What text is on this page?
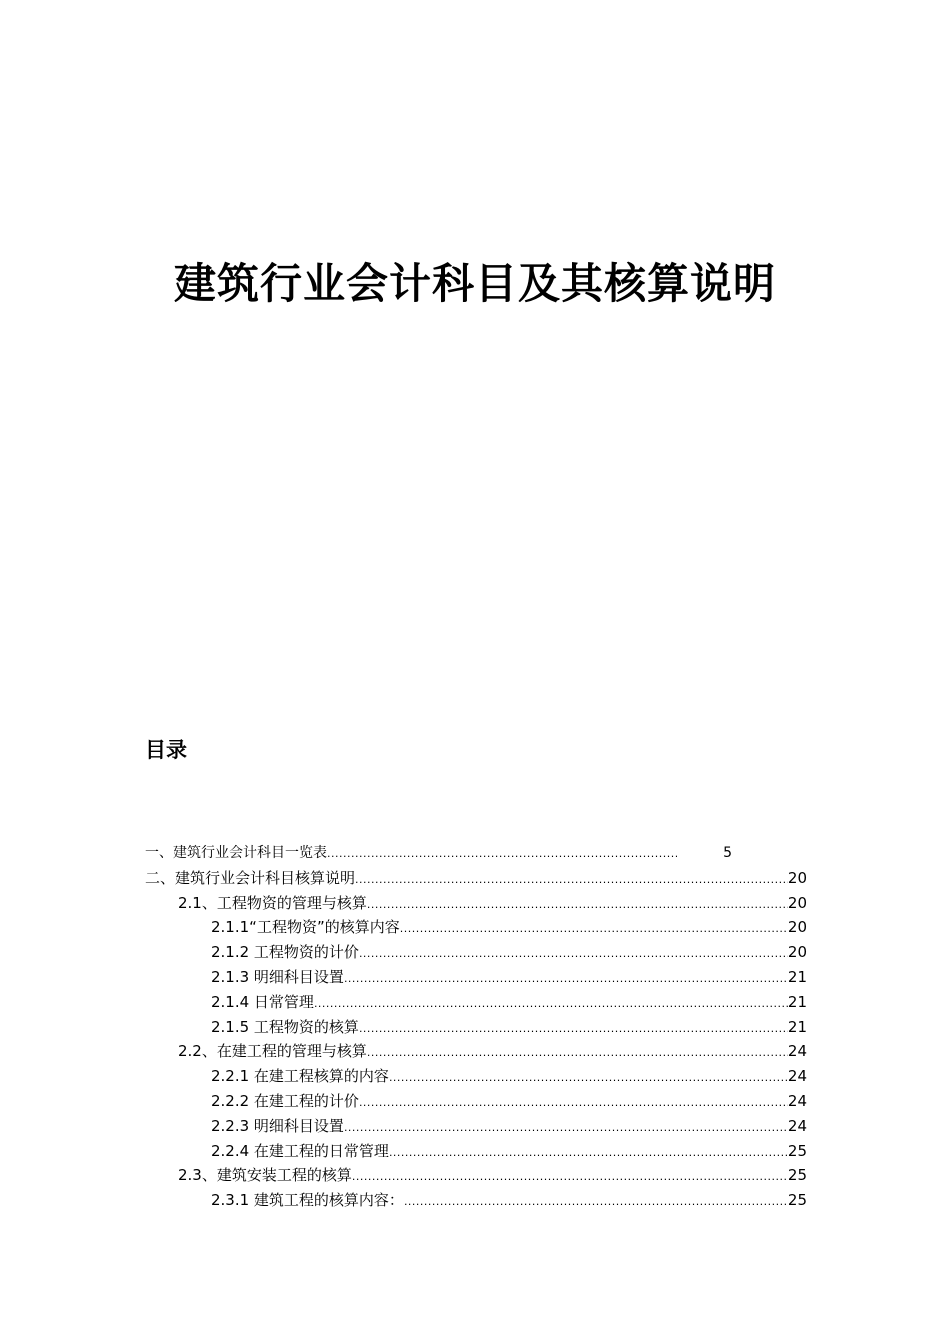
建筑行业会计科目及其核算说明
目录
一、建筑行业会计科目一览表 .....	5
二、建筑行业会计科目核算说明 .....	20
2.1、工程物资的管理与核算 .....	20
2.1.1“工程物资”的核算内容 .....	20
2.1.2 工程物资的计价 .....	20
2.1.3 明细科目设置 .....	21
2.1.4 日常管理 .....	21
2.1.5 工程物资的核算 .....	21
2.2、在建工程的管理与核算 .....	24
2.2.1 在建工程核算的内容 .....	24
2.2.2 在建工程的计价 .....	24
2.2.3 明细科目设置 .....	24
2.2.4 在建工程的日常管理 .....	25
2.3、建筑安装工程的核算 .....	25
2.3.1 建筑工程的核算内容： .....	25
